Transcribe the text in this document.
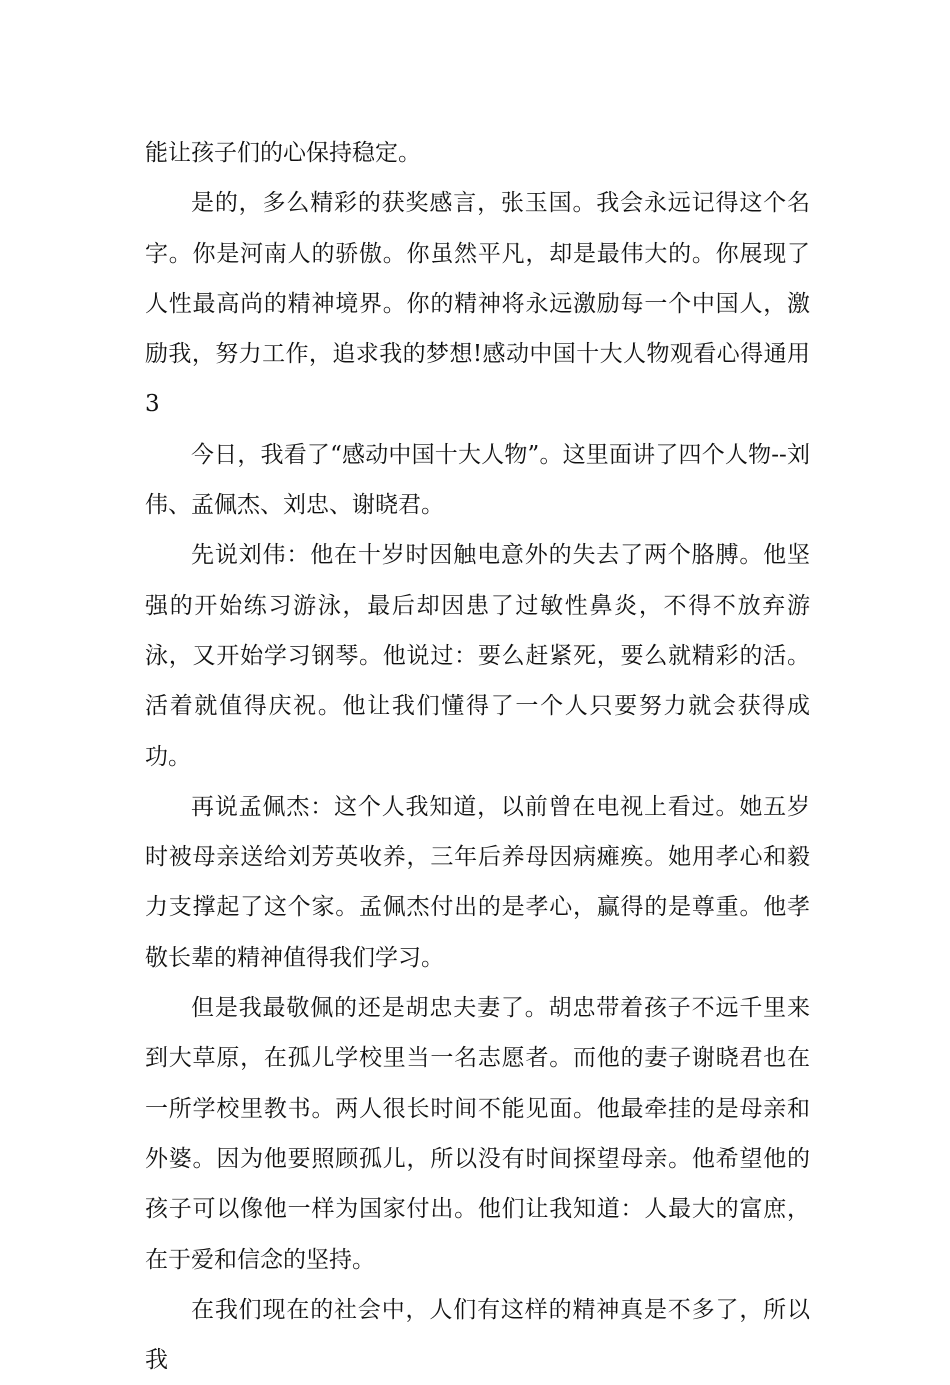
能让孩子们的心保持稳定。

是的，多么精彩的获奖感言，张玉国。我会永远记得这个名字。你是河南人的骄傲。你虽然平凡，却是最伟大的。你展现了人性最高尚的精神境界。你的精神将永远激励每一个中国人，激励我，努力工作，追求我的梦想!感动中国十大人物观看心得通用3

今日，我看了“感动中国十大人物”。这里面讲了四个人物--刘伟、孟佩杰、刘忠、谢晓君。

先说刘伟：他在十岁时因触电意外的失去了两个胳膊。他坚强的开始练习游泳，最后却因患了过敏性鼻炎，不得不放弃游泳，又开始学习钢琴。他说过：要么赶紧死，要么就精彩的活。活着就值得庆祝。他让我们懂得了一个人只要努力就会获得成功。

再说孟佩杰：这个人我知道，以前曾在电视上看过。她五岁时被母亲送给刘芳英收养，三年后养母因病瘫痪。她用孝心和毅力支撑起了这个家。孟佩杰付出的是孝心，赢得的是尊重。他孝敬长辈的精神值得我们学习。

但是我最敬佩的还是胡忠夫妻了。胡忠带着孩子不远千里来到大草原，在孤儿学校里当一名志愿者。而他的妻子谢晓君也在一所学校里教书。两人很长时间不能见面。他最牵挂的是母亲和外婆。因为他要照顾孤儿，所以没有时间探望母亲。他希望他的孩子可以像他一样为国家付出。他们让我知道：人最大的富庶，在于爱和信念的坚持。

在我们现在的社会中，人们有这样的精神真是不多了，所以我
